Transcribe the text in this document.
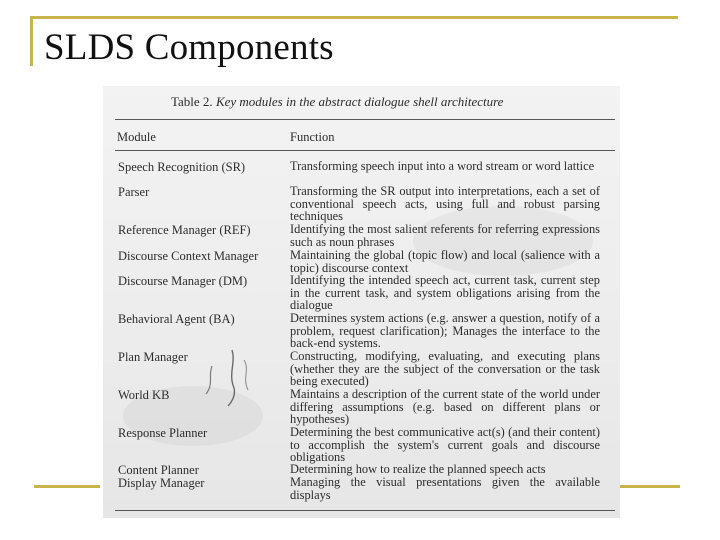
SLDS Components

Table 2. Key modules in the abstract dialogue shell architecture

Module	Function
Speech Recognition (SR)	Transforming speech input into a word stream or word lattice
Parser	Transforming the SR output into interpretations, each a set of conventional speech acts, using full and robust parsing techniques
Reference Manager (REF)	Identifying the most salient referents for referring expressions such as noun phrases
Discourse Context Manager	Maintaining the global (topic flow) and local (salience with a topic) discourse context
Discourse Manager (DM)	Identifying the intended speech act, current task, current step in the current task, and system obligations arising from the dialogue
Behavioral Agent (BA)	Determines system actions (e.g. answer a question, notify of a problem, request clarification); Manages the interface to the back-end systems.
Plan Manager	Constructing, modifying, evaluating, and executing plans (whether they are the subject of the conversation or the task being executed)
World KB	Maintains a description of the current state of the world under differing assumptions (e.g. based on different plans or hypotheses)
Response Planner	Determining the best communicative act(s) (and their content) to accomplish the system's current goals and discourse obligations
Content Planner	Determining how to realize the planned speech acts
Display Manager	Managing the visual presentations given the available displays
